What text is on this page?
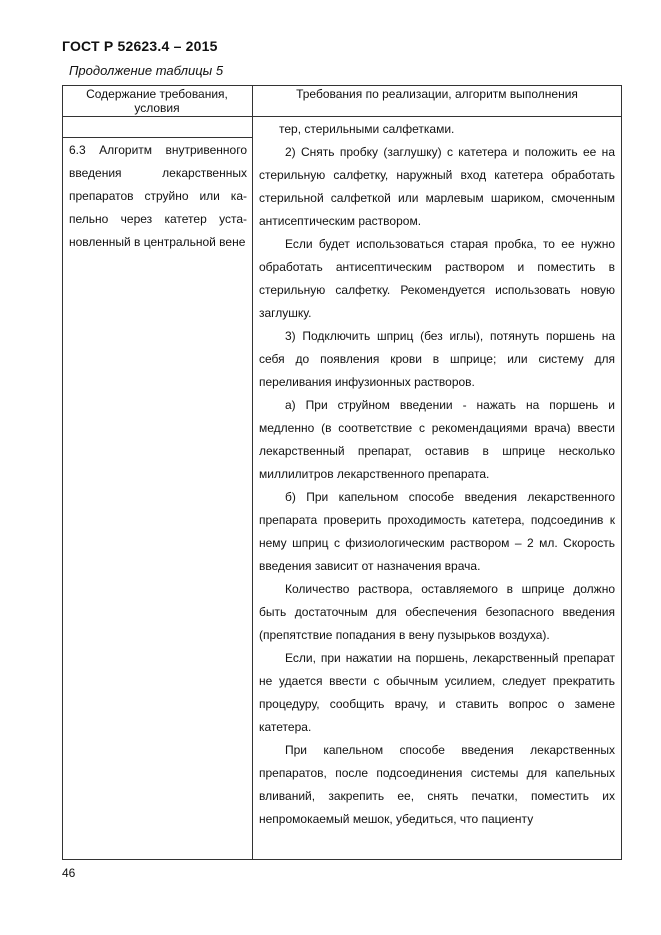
ГОСТ Р 52623.4 – 2015
Продолжение таблицы 5
Содержание требования,
условия
Требования по реализации, алгоритм выполнения
6.3 Алгоритм внутривенного введения лекарственных препаратов струйно или капельно через катетер установленный в центральной вене

тер, стерильными салфетками.

2) Снять пробку (заглушку) с катетера и положить ее на стерильную салфетку, наружный вход катетера обработать стерильной салфеткой или марлевым шариком, смоченным антисептическим раствором.

Если будет использоваться старая пробка, то ее нужно обработать антисептическим раствором и поместить в стерильную салфетку. Рекомендуется использовать новую заглушку.

3) Подключить шприц (без иглы), потянуть поршень на себя до появления крови в шприце; или систему для переливания инфузионных растворов.

а) При струйном введении - нажать на поршень и медленно (в соответствие с рекомендациями врача) ввести лекарственный препарат, оставив в шприце несколько миллилитров лекарственного препарата.

б) При капельном способе введения лекарственного препарата проверить проходимость катетера, подсоединив к нему шприц с физиологическим раствором – 2 мл. Скорость введения зависит от назначения врача.

Количество раствора, оставляемого в шприце должно быть достаточным для обеспечения безопасного введения (препятствие попадания в вену пузырьков воздуха).

Если, при нажатии на поршень, лекарственный препарат не удается ввести с обычным усилием, следует прекратить процедуру, сообщить врачу, и ставить вопрос о замене катетера.

При капельном способе введения лекарственных препаратов, после подсоединения системы для капельных вливаний, закрепить ее, снять печатки, поместить их непромокаемый мешок, убедиться, что пациенту

46
